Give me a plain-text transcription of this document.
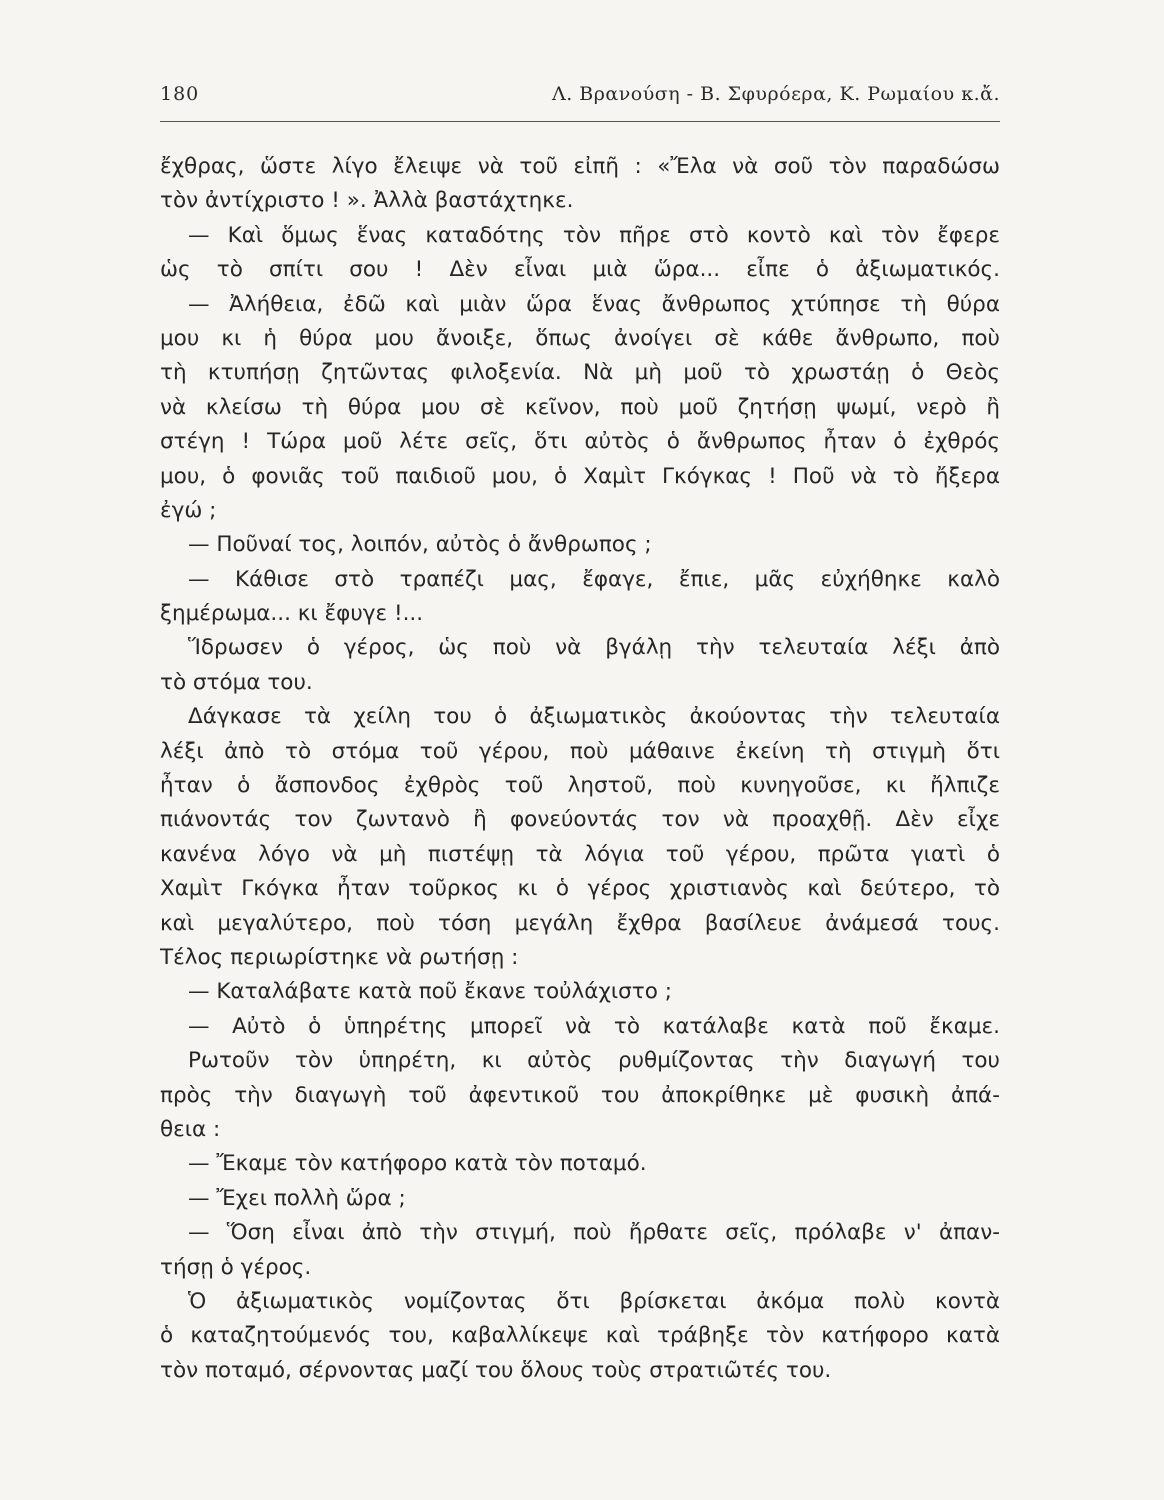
180	Λ. Βρανούση - Β. Σφυρόερα, Κ. Ρωμαίου κ.ἄ.
ἔχθρας, ὥστε λίγο ἔλειψε νὰ τοῦ εἰπῆ : «Ἔλα νὰ σοῦ τὸν παραδώσω
τὸν ἀντίχριστο ! ». Ἀλλὰ βαστάχτηκε.
— Καὶ ὅμως ἕνας καταδότης τὸν πῆρε στὸ κοντὸ καὶ τὸν ἔφερε
ὡς τὸ σπίτι σου ! Δὲν εἶναι μιὰ ὥρα... εἶπε ὁ ἀξιωματικός.
— Ἀλήθεια, ἐδῶ καὶ μιὰν ὥρα ἕνας ἄνθρωπος χτύπησε τὴ θύρα
μου κι ἡ θύρα μου ἄνοιξε, ὅπως ἀνοίγει σὲ κάθε ἄνθρωπο, ποὺ
τὴ κτυπήσῃ ζητῶντας φιλοξενία. Νὰ μὴ μοῦ τὸ χρωστάῃ ὁ Θεὸς
νὰ κλείσω τὴ θύρα μου σὲ κεῖνον, ποὺ μοῦ ζητήσῃ ψωμί, νερὸ ἢ
στέγη ! Τώρα μοῦ λέτε σεῖς, ὅτι αὐτὸς ὁ ἄνθρωπος ἦταν ὁ ἐχθρός
μου, ὁ φονιᾶς τοῦ παιδιοῦ μου, ὁ Χαμὶτ Γκόγκας ! Ποῦ νὰ τὸ ἤξερα
ἐγώ ;
— Ποῦναί τος, λοιπόν, αὐτὸς ὁ ἄνθρωπος ;
— Κάθισε στὸ τραπέζι μας, ἔφαγε, ἔπιε, μᾶς εὐχήθηκε καλὸ
ξημέρωμα... κι ἔφυγε !...
Ἵδρωσεν ὁ γέρος, ὡς ποὺ νὰ βγάλῃ τὴν τελευταία λέξι ἀπὸ
τὸ στόμα του.
Δάγκασε τὰ χείλη του ὁ ἀξιωματικὸς ἀκούοντας τὴν τελευταία
λέξι ἀπὸ τὸ στόμα τοῦ γέρου, ποὺ μάθαινε ἐκείνη τὴ στιγμὴ ὅτι
ἦταν ὁ ἄσπονδος ἐχθρὸς τοῦ ληστοῦ, ποὺ κυνηγοῦσε, κι ἤλπιζε
πιάνοντάς τον ζωντανὸ ἢ φονεύοντάς τον νὰ προαχθῇ. Δὲν εἶχε
κανένα λόγο νὰ μὴ πιστέψῃ τὰ λόγια τοῦ γέρου, πρῶτα γιατὶ ὁ
Χαμὶτ Γκόγκα ἦταν τοῦρκος κι ὁ γέρος χριστιανὸς καὶ δεύτερο, τὸ
καὶ μεγαλύτερο, ποὺ τόση μεγάλη ἔχθρα βασίλευε ἀνάμεσά τους.
Τέλος περιωρίστηκε νὰ ρωτήσῃ :
— Καταλάβατε κατὰ ποῦ ἔκανε τοὐλάχιστο ;
— Αὐτὸ ὁ ὑπηρέτης μπορεῖ νὰ τὸ κατάλαβε κατὰ ποῦ ἔκαμε.
Ρωτοῦν τὸν ὑπηρέτη, κι αὐτὸς ρυθμίζοντας τὴν διαγωγή του
πρὸς τὴν διαγωγὴ τοῦ ἀφεντικοῦ του ἀποκρίθηκε μὲ φυσικὴ ἀπά-
θεια :
— Ἔκαμε τὸν κατήφορο κατὰ τὸν ποταμό.
— Ἔχει πολλὴ ὥρα ;
— Ὅση εἶναι ἀπὸ τὴν στιγμή, ποὺ ἤρθατε σεῖς, πρόλαβε ν' ἀπαν-
τήσῃ ὁ γέρος.
Ὁ ἀξιωματικὸς νομίζοντας ὅτι βρίσκεται ἀκόμα πολὺ κοντὰ
ὁ καταζητούμενός του, καβαλλίκεψε καὶ τράβηξε τὸν κατήφορο κατὰ
τὸν ποταμό, σέρνοντας μαζί του ὅλους τοὺς στρατιῶτές του.
